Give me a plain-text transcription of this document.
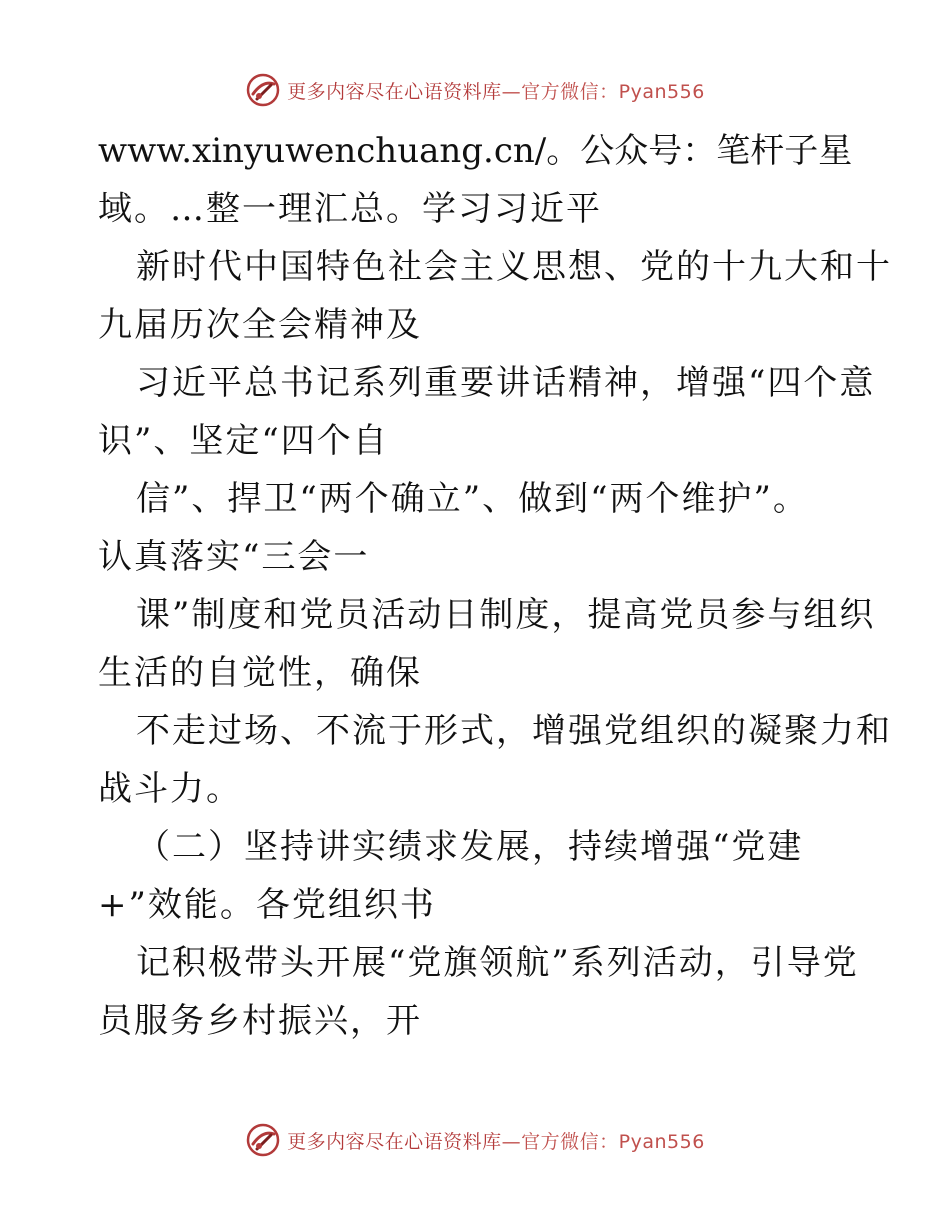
更多内容尽在心语资料库—官方微信：Pyan556
www.xinyuwenchuang.cn/。公众号：笔杆子星
域。…整一理汇总。学习习近平
新时代中国特色社会主义思想、党的十九大和十
九届历次全会精神及
习近平总书记系列重要讲话精神，增强“四个意
识”、坚定“四个自
信”、捍卫“两个确立”、做到“两个维护”。
认真落实“三会一
课”制度和党员活动日制度，提高党员参与组织
生活的自觉性，确保
不走过场、不流于形式，增强党组织的凝聚力和
战斗力。
（二）坚持讲实绩求发展，持续增强“党建
+”效能。各党组织书
记积极带头开展“党旗领航”系列活动，引导党
员服务乡村振兴，开
更多内容尽在心语资料库—官方微信：Pyan556
